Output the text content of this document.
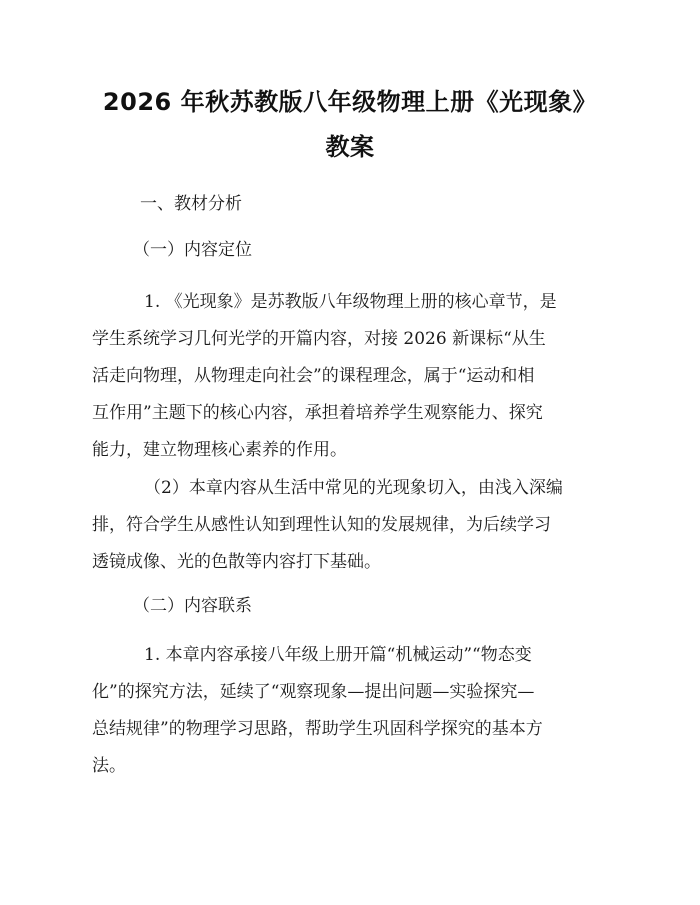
2026 年秋苏教版八年级物理上册《光现象》
教案
一、教材分析
（一）内容定位
1. 《光现象》是苏教版八年级物理上册的核心章节，是
学生系统学习几何光学的开篇内容，对接 2026 新课标“从生
活走向物理，从物理走向社会”的课程理念，属于“运动和相
互作用”主题下的核心内容，承担着培养学生观察能力、探究
能力，建立物理核心素养的作用。
（2）本章内容从生活中常见的光现象切入，由浅入深编
排，符合学生从感性认知到理性认知的发展规律，为后续学习
透镜成像、光的色散等内容打下基础。
（二）内容联系
1. 本章内容承接八年级上册开篇“机械运动”“物态变
化”的探究方法，延续了“观察现象—提出问题—实验探究—
总结规律”的物理学习思路，帮助学生巩固科学探究的基本方
法。
